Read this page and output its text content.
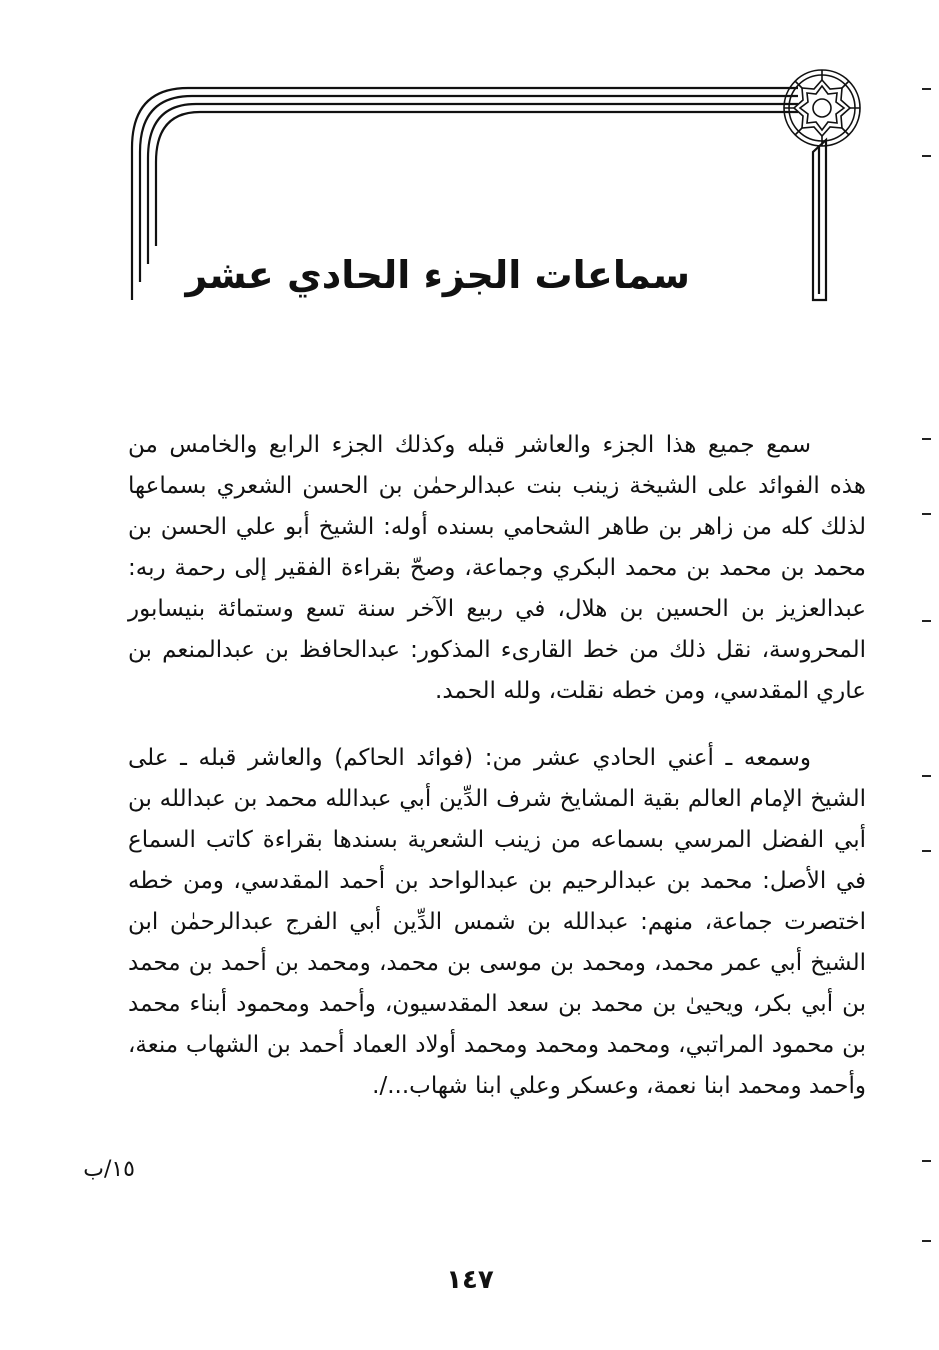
سماعات الجزء الحادي عشر

سمع جميع هذا الجزء والعاشر قبله وكذلك الجزء الرابع والخامس من هذه الفوائد على الشيخة زينب بنت عبدالرحمٰن بن الحسن الشعري بسماعها لذلك كله من زاهر بن طاهر الشحامي بسنده أوله: الشيخ أبو علي الحسن بن محمد بن محمد بن محمد البكري وجماعة، وصحّ بقراءة الفقير إلى رحمة ربه: عبدالعزيز بن الحسين بن هلال، في ربيع الآخر سنة تسع وستمائة بنيسابور المحروسة، نقل ذلك من خط القارىء المذكور: عبدالحافظ بن عبدالمنعم بن عاري المقدسي، ومن خطه نقلت، ولله الحمد.

وسمعه ـ أعني الحادي عشر من: (فوائد الحاكم) والعاشر قبله ـ على الشيخ الإمام العالم بقية المشايخ شرف الدِّين أبي عبدالله محمد بن عبدالله بن أبي الفضل المرسي بسماعه من زينب الشعرية بسندها بقراءة كاتب السماع في الأصل: محمد بن عبدالرحيم بن عبدالواحد بن أحمد المقدسي، ومن خطه اختصرت جماعة، منهم: عبدالله بن شمس الدِّين أبي الفرج عبدالرحمٰن ابن الشيخ أبي عمر محمد، ومحمد بن موسى بن محمد، ومحمد بن أحمد بن محمد بن أبي بكر، ويحيىٰ بن محمد بن سعد المقدسيون، وأحمد ومحمود أبناء محمد بن محمود المراتبي، ومحمد ومحمد ومحمد أولاد العماد أحمد بن الشهاب منعة، وأحمد ومحمد ابنا نعمة، وعسكر وعلي ابنا شهاب.../.

١٥/ب
١٤٧
